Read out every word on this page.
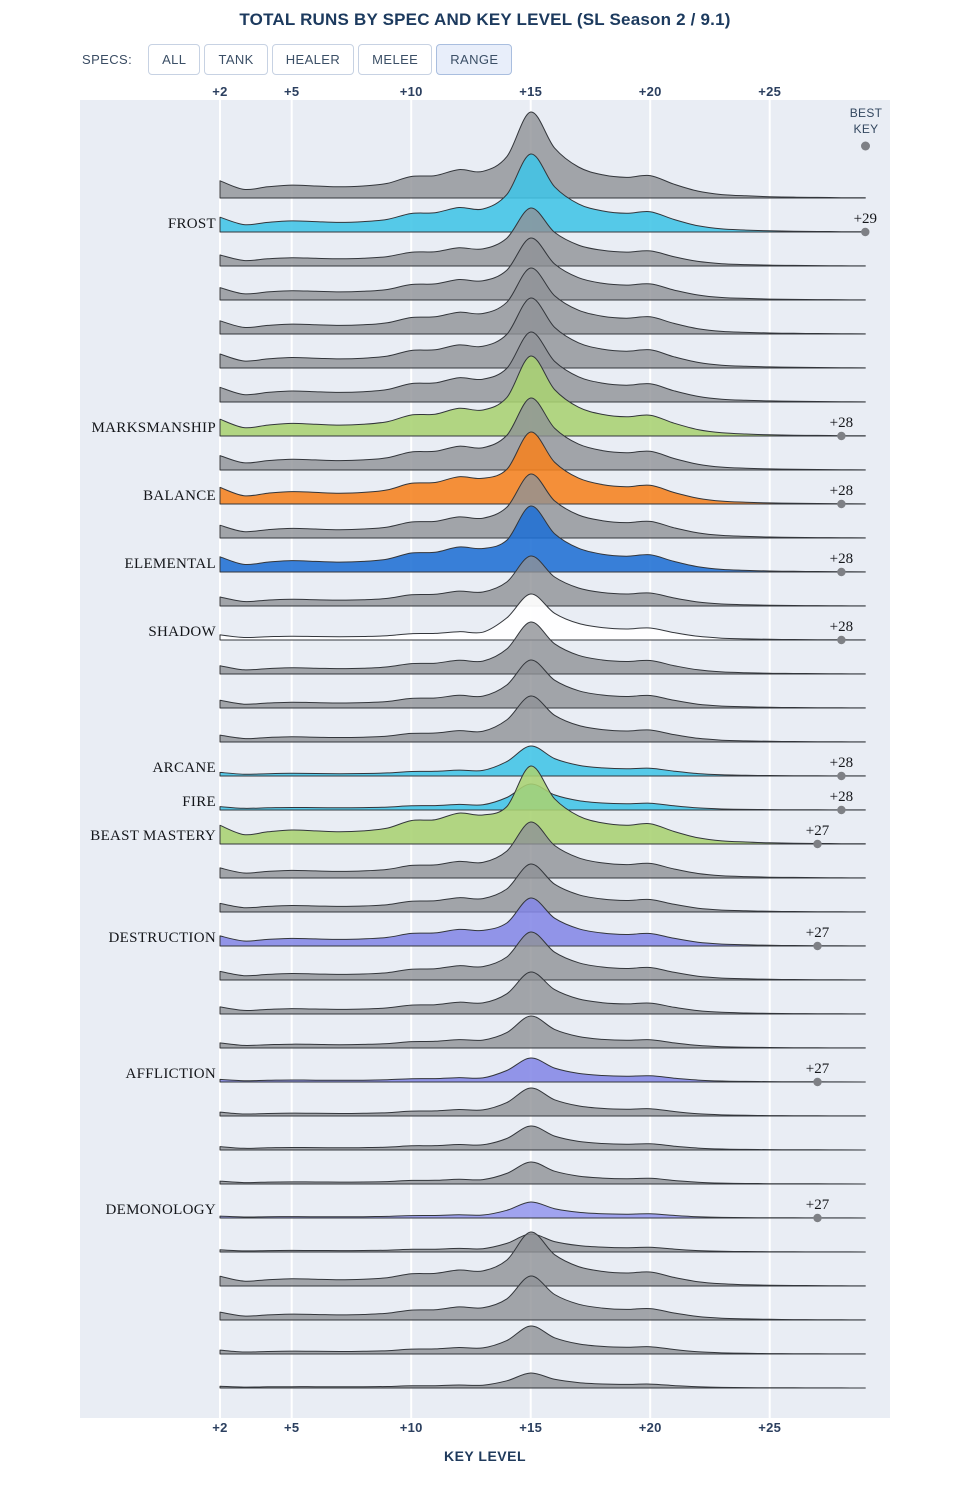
TOTAL RUNS BY SPEC AND KEY LEVEL (SL Season 2 / 9.1)
SPECS:	ALL	TANK	HEALER	MELEE	RANGE
+2
+2
+5
+5
+10
+10
+15
+15
+20
+20
+25
+25
FROST
MARKSMANSHIP
BALANCE
ELEMENTAL
SHADOW
ARCANE
FIRE
BEAST MASTERY
DESTRUCTION
AFFLICTION
DEMONOLOGY
+29
+28
+28
+28
+28
+28
+28
+27
+27
+27
+27
BEST
KEY
KEY LEVEL
